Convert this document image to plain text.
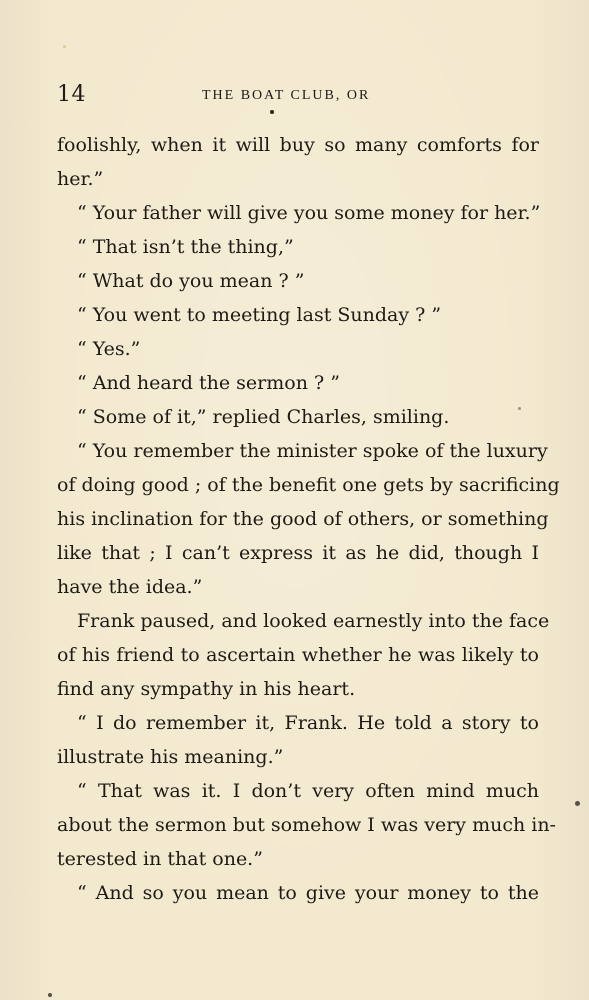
14	THE BOAT CLUB, OR
foolishly, when it will buy so many comforts for
her.”
“ Your father will give you some money for her.”
“ That isn’t the thing,”
“ What do you mean ? ”
“ You went to meeting last Sunday ? ”
“ Yes.”
“ And heard the sermon ? ”
“ Some of it,” replied Charles, smiling.
“ You remember the minister spoke of the luxury
of doing good ; of the benefit one gets by sacrificing
his inclination for the good of others, or something
like that ; I can’t express it as he did, though I
have the idea.”
Frank paused, and looked earnestly into the face
of his friend to ascertain whether he was likely to
find any sympathy in his heart.
“ I do remember it, Frank. He told a story to
illustrate his meaning.”
“ That was it. I don’t very often mind much
about the sermon but somehow I was very much in-
terested in that one.”
“ And so you mean to give your money to the
